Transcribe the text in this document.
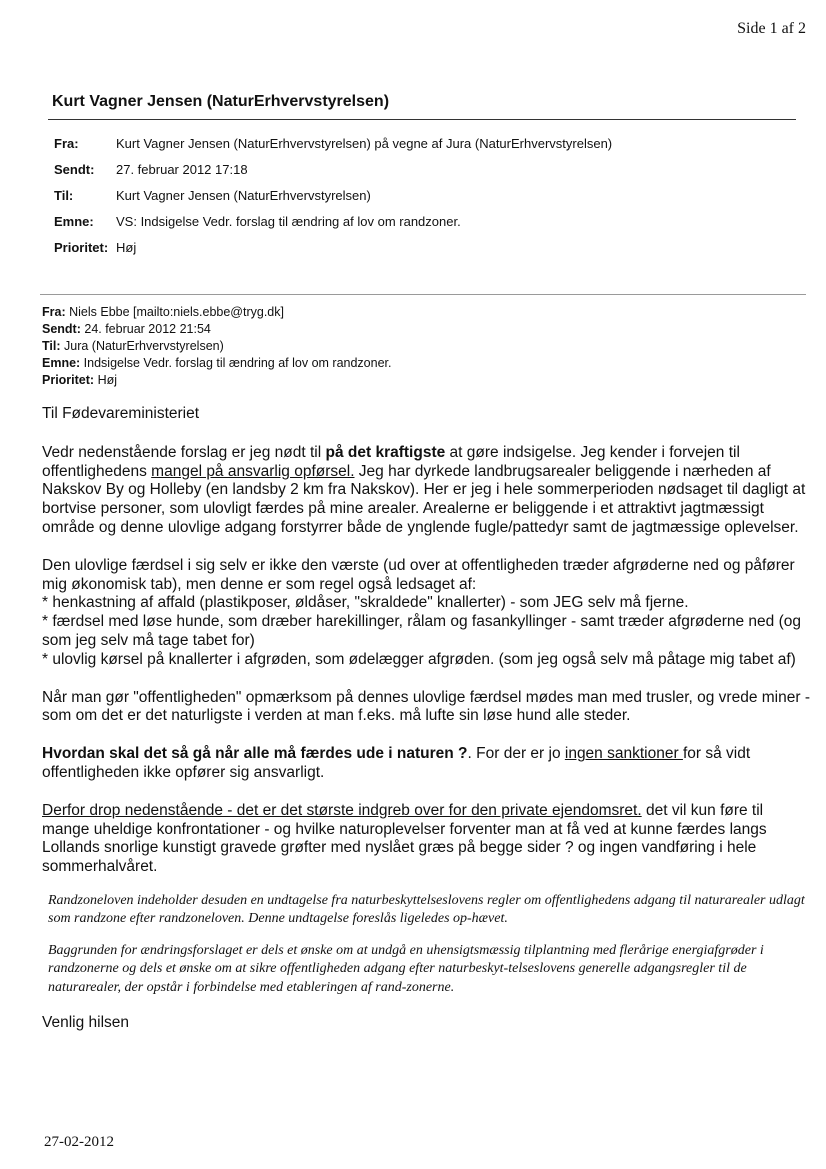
Side 1 af 2
Kurt Vagner Jensen (NaturErhvervstyrelsen)
Fra:	Kurt Vagner Jensen (NaturErhvervstyrelsen) på vegne af Jura (NaturErhvervstyrelsen)
Sendt:	27. februar 2012 17:18
Til:	Kurt Vagner Jensen (NaturErhvervstyrelsen)
Emne:	VS: Indsigelse Vedr. forslag til ændring af lov om randzoner.
Prioritet: Høj
Fra: Niels Ebbe [mailto:niels.ebbe@tryg.dk]
Sendt: 24. februar 2012 21:54
Til: Jura (NaturErhvervstyrelsen)
Emne: Indsigelse Vedr. forslag til ændring af lov om randzoner.
Prioritet: Høj

Til Fødevareministeriet

Vedr nedenstående forslag er jeg nødt til på det kraftigste at gøre indsigelse. Jeg kender i forvejen til offentlighedens mangel på ansvarlig opførsel. Jeg har dyrkede landbrugsarealer beliggende i nærheden af Nakskov By og Holleby (en landsby 2 km fra Nakskov). Her er jeg i hele sommerperioden nødsaget til dagligt at bortvise personer, som ulovligt færdes på mine arealer. Arealerne er beliggende i et attraktivt jagtmæssigt område og denne ulovlige adgang forstyrrer både de ynglende fugle/pattedyr samt de jagtmæssige oplevelser.

Den ulovlige færdsel i sig selv er ikke den værste (ud over at offentligheden træder afgrøderne ned og påfører mig økonomisk tab), men denne er som regel også ledsaget af:
* henkastning af affald (plastikposer, øldåser, "skraldede" knallerter) - som JEG selv må fjerne.
* færdsel med løse hunde, som dræber harekillinger, rålam og fasankyllinger - samt træder afgrøderne ned (og som jeg selv må tage tabet for)
* ulovlig kørsel på knallerter i afgrøden, som ødelægger afgrøden. (som jeg også selv må påtage mig tabet af)

Når man gør "offentligheden" opmærksom på dennes ulovlige færdsel mødes man med trusler, og vrede miner - som om det er det naturligste i verden at man f.eks. må lufte sin løse hund alle steder.

Hvordan skal det så gå når alle må færdes ude i naturen ?. For der er jo ingen sanktioner for så vidt offentligheden ikke opfører sig ansvarligt.

Derfor drop nedenstående - det er det største indgreb over for den private ejendomsret. det vil kun føre til mange uheldige konfrontationer - og hvilke naturoplevelser forventer man at få ved at kunne færdes langs Lollands snorlige kunstigt gravede grøfter med nyslået græs på begge sider ? og ingen vandføring i hele sommerhalvåret.

Randzoneloven indeholder desuden en undtagelse fra naturbeskyttelseslovens regler om offentlighedens adgang til naturarealer udlagt som randzone efter randzoneloven. Denne undtagelse foreslås ligeledes op-hævet.

Baggrunden for ændringsforslaget er dels et ønske om at undgå en uhensigtsmæssig tilplantning med flerårige energiafgrøder i randzonerne og dels et ønske om at sikre offentligheden adgang efter naturbeskyt-telseslovens generelle adgangsregler til de naturarealer, der opstår i forbindelse med etableringen af rand-zonerne.

Venlig hilsen

27-02-2012
